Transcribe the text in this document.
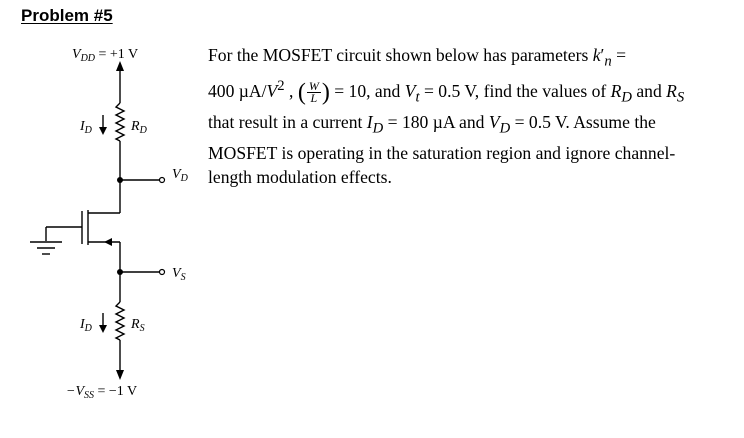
Problem #5
$V_{DD} = +1$ V
$I_D$	$R_D$
$V_D$
$V_S$
$I_D$	$R_S$
$-V_{SS} = -1$ V
For the MOSFET circuit shown below has parameters $k'_n$ =
400 $\mu A/V^2$ , ( $\frac{W}{L}$ ) = 10, and $V_t = 0.5$ V, find the values of $R_D$ and $R_S$
that result in a current $I_D = 180$ µA and $V_D = 0.5$ V. Assume the
MOSFET is operating in the saturation region and ignore channel-
length modulation effects.
